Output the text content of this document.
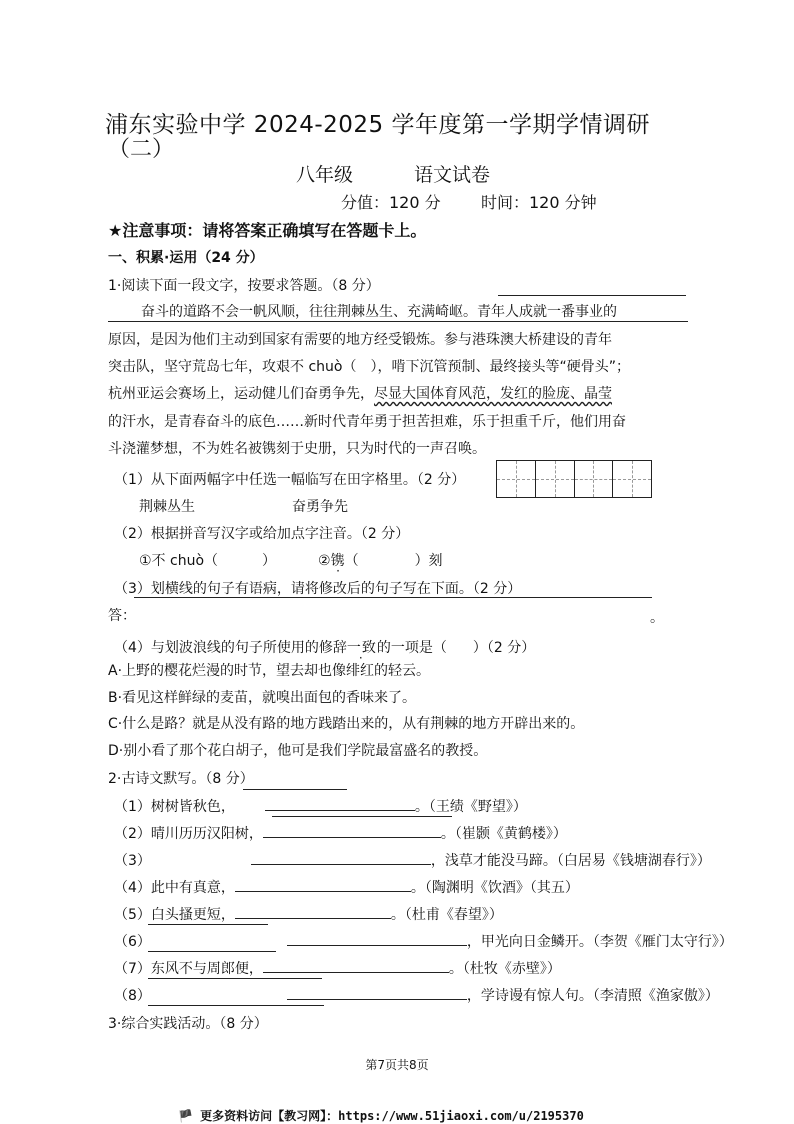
浦东实验中学 2024-2025 学年度第一学期学情调研
（二）
八年级	语文试卷
分值：120 分	时间：120 分钟
★注意事项：请将答案正确填写在答题卡上。
一、积累·运用（24 分）
1·阅读下面一段文字，按要求答题。（8 分）
奋斗的道路不会一帆风顺，往往荆棘丛生、充满崎岖。青年人成就一番事业的
原因，是因为他们主动到国家有需要的地方经受锻炼。参与港珠澳大桥建设的青年
突击队，坚守荒岛七年，攻艰不 chuò（ ），啃下沉管预制、最终接头等“硬骨头”；
杭州亚运会赛场上，运动健儿们奋勇争先，尽显大国体育风范，发红的脸庞、晶莹
的汗水，是青春奋斗的底色……新时代青年勇于担苦担难，乐于担重千斤，他们用奋
斗浇灌梦想，不为姓名被镌刻于史册，只为时代的一声召唤。
（1）从下面两幅字中任选一幅临写在田字格里。（2 分）
荆棘丛生	奋勇争先
（2）根据拼音写汉字或给加点字注音。（2 分）
①不 chuò（	）	②镌（	）刻
（3）划横线的句子有语病，请将修改后的句子写在下面。（2 分）
答：	。
（4）与划波浪线的句子所使用的修辞一致的一项是（ ）（2 分）
A·上野的樱花烂漫的时节，望去却也像绯红的轻云。
B·看见这样鲜绿的麦苗，就嗅出面包的香味来了。
C·什么是路？就是从没有路的地方践踏出来的，从有荆棘的地方开辟出来的。
D·别小看了那个花白胡子，他可是我们学院最富盛名的教授。
2·古诗文默写。（8 分）
（1）树树皆秋色，	。（王绩《野望》）
（2）晴川历历汉阳树，	。（崔颢《黄鹤楼》）
（3）	，浅草才能没马蹄。（白居易《钱塘湖春行》）
（4）此中有真意，	。（陶渊明《饮酒》（其五）
（5）白头搔更短，	。（杜甫《春望》）
（6）	，甲光向日金鳞开。（李贺《雁门太守行》）
（7）东风不与周郎便，	。（杜牧《赤壁》）
（8）	，学诗谩有惊人句。（李清照《渔家傲》）
3·综合实践活动。（8 分）
第7页共8页
🏴 更多资料访问【教习网】：https://www.51jiaoxi.com/u/2195370
